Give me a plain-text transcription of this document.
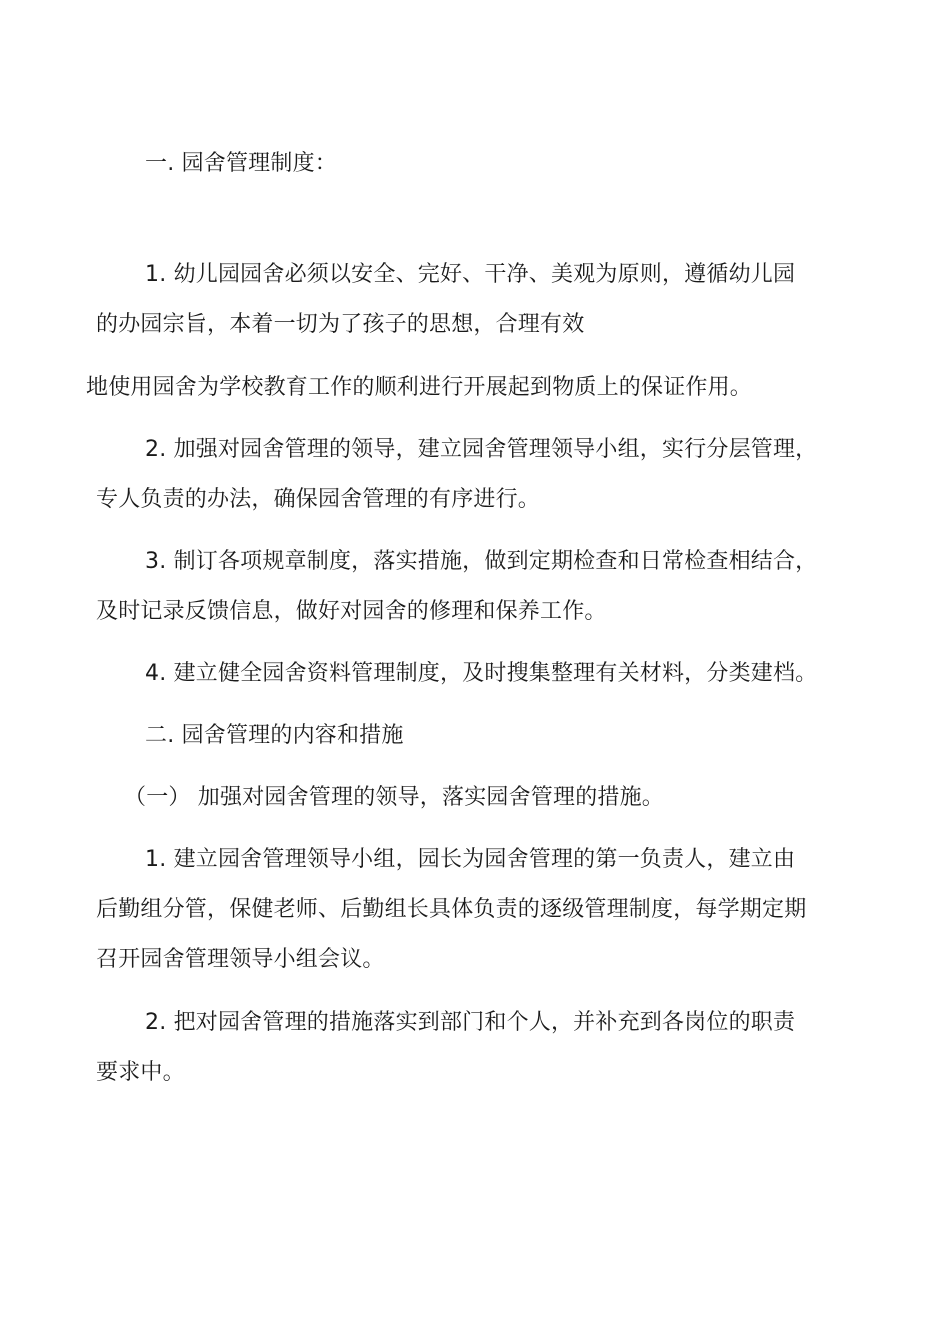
一. 园舍管理制度：
1. 幼儿园园舍必须以安全、完好、干净、美观为原则，遵循幼儿园
的办园宗旨，本着一切为了孩子的思想，合理有效
地使用园舍为学校教育工作的顺利进行开展起到物质上的保证作用。
2. 加强对园舍管理的领导，建立园舍管理领导小组，实行分层管理，
专人负责的办法，确保园舍管理的有序进行。
3. 制订各项规章制度，落实措施，做到定期检查和日常检查相结合，
及时记录反馈信息，做好对园舍的修理和保养工作。
4. 建立健全园舍资料管理制度，及时搜集整理有关材料，分类建档。
二. 园舍管理的内容和措施
（一） 加强对园舍管理的领导，落实园舍管理的措施。
1. 建立园舍管理领导小组，园长为园舍管理的第一负责人，建立由
后勤组分管，保健老师、后勤组长具体负责的逐级管理制度，每学期定期
召开园舍管理领导小组会议。
2. 把对园舍管理的措施落实到部门和个人，并补充到各岗位的职责
要求中。
